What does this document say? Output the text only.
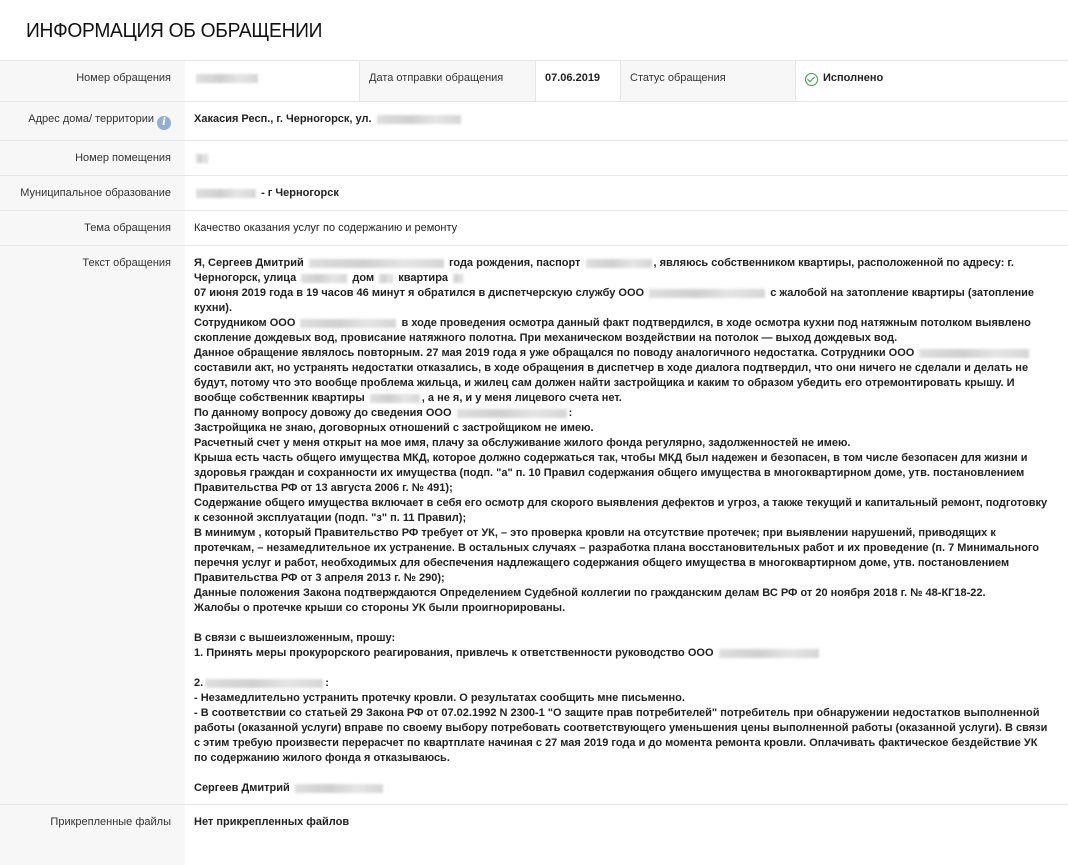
ИНФОРМАЦИЯ ОБ ОБРАЩЕНИИ
Номер обращения	Дата отправки обращения	07.06.2019	Статус обращения	Исполнено
Адрес дома/ территории i	Хакасия Респ., г. Черногорск, ул.
Номер помещения
Муниципальное образование	- г Черногорск
Тема обращения	Качество оказания услуг по содержанию и ремонту
Текст обращения	Я, Сергеев Дмитрий	года рождения, паспорт	, являюсь собственником квартиры, расположенной по адресу: г. Черногорск, улица	дом квартира

07 июня 2019 года в 19 часов 46 минут я обратился в диспетчерскую службу ООО	с жалобой на затопление квартиры (затопление кухни).

Сотрудником ООО	в ходе проведения осмотра данный факт подтвердился, в ходе осмотра кухни под натяжным потолком выявлено скопление дождевых вод, провисание натяжного полотна. При механическом воздействии на потолок — выход дождевых вод.

Данное обращение являлось повторным. 27 мая 2019 года я уже обращался по поводу аналогичного недостатка. Сотрудники ООО  составили акт, но устранять недостатки отказались, в ходе обращения в диспетчер в ходе диалога подтвердил, что они ничего не сделали и делать не будут, потому что это вообще проблема жильца, и жилец сам должен найти застройщика и каким то образом убедить его отремонтировать крышу. И вообще собственник квартиры	, а не я, и у меня лицевого счета нет.

По данному вопросу довожу до сведения ООО	:

Застройщика не знаю, договорных отношений с застройщиком не имею.

Расчетный счет у меня открыт на мое имя, плачу за обслуживание жилого фонда регулярно, задолженностей не имею.

Крыша есть часть общего имущества МКД, которое должно содержаться так, чтобы МКД был надежен и безопасен, в том числе безопасен для жизни и здоровья граждан и сохранности их имущества (подп. "а" п. 10 Правил содержания общего имущества в многоквартирном доме, утв. постановлением Правительства РФ от 13 августа 2006 г. № 491);

Содержание общего имущества включает в себя его осмотр для скорого выявления дефектов и угроз, а также текущий и капитальный ремонт, подготовку к сезонной эксплуатации (подп. "з" п. 11 Правил);

В минимум , который Правительство РФ требует от УК, – это проверка кровли на отсутствие протечек; при выявлении нарушений, приводящих к протечкам, – незамедлительное их устранение. В остальных случаях – разработка плана восстановительных работ и их проведение (п. 7 Минимального перечня услуг и работ, необходимых для обеспечения надлежащего содержания общего имущества в многоквартирном доме, утв. постановлением Правительства РФ от 3 апреля 2013 г. № 290);

Данные положения Закона подтверждаются Определением Судебной коллегии по гражданским делам ВС РФ от 20 ноября 2018 г. № 48-КГ18-22.

Жалобы о протечке крыши со стороны УК были проигнорированы.

В связи с вышеизложенным, прошу:

1. Принять меры прокурорского реагирования, привлечь к ответственности руководство ООО

2.	:

- Незамедлительно устранить протечку кровли. О результатах сообщить мне письменно.

- В соответствии со статьей 29 Закона РФ от 07.02.1992 N 2300-1 "О защите прав потребителей" потребитель при обнаружении недостатков выполненной работы (оказанной услуги) вправе по своему выбору потребовать соответствующего уменьшения цены выполненной работы (оказанной услуги). В связи с этим требую произвести перерасчет по квартплате начиная с 27 мая 2019 года и до момента ремонта кровли. Оплачивать фактическое бездействие УК по содержанию жилого фонда я отказываюсь.

Сергеев Дмитрий

Прикрепленные файлы	Нет прикрепленных файлов
